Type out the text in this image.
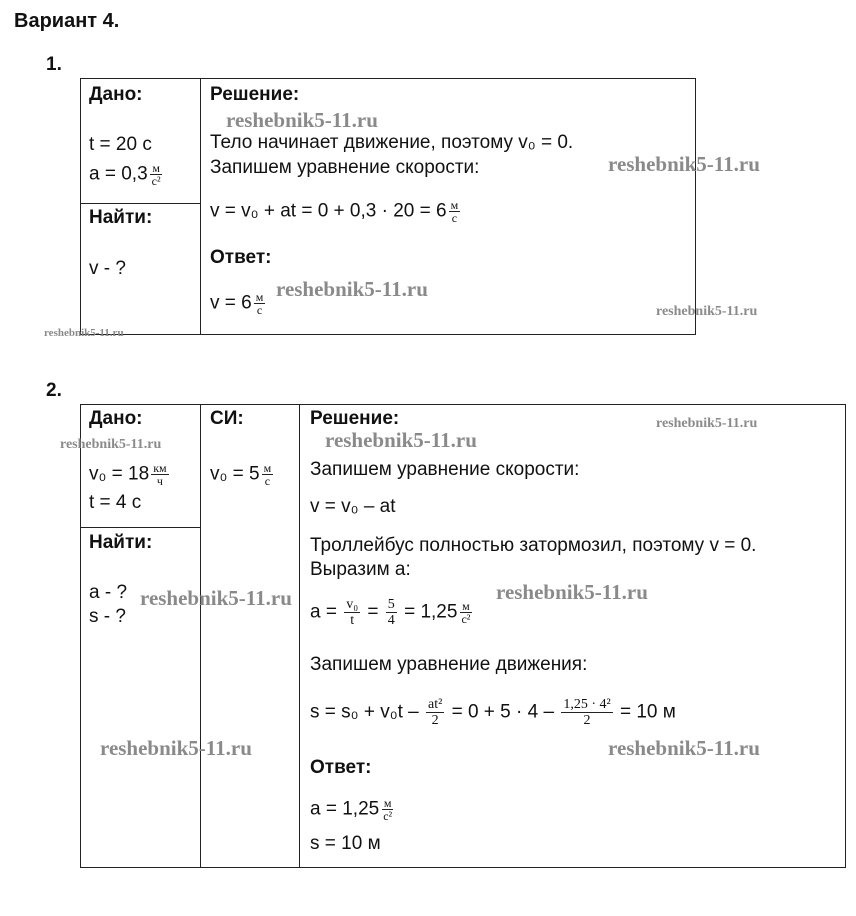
Вариант 4.
1.
Дано:
t = 20 с
$a = 0,3 \frac{м}{\text{с²}}$
Найти:
v - ?
Решение:
Тело начинает движение, поэтому v₀ = 0.
Запишем уравнение скорости:
v = v₀ + at = $0 + 0,3 \cdot 20 = 6 \frac{м}{с}$
Ответ:
$v = 6 \frac{м}{с}$
2.
Дано:
$v_0 = 18 \frac{км}{ч}$
t = 4 с
Найти:
a - ?
s - ?
СИ:
$v_0 = 5 \frac{м}{с}$
Решение:
Запишем уравнение скорости:
v = v₀ – at
Троллейбус полностью затормозил, поэтому v = 0.
Выразим a:
$a = \frac{\text{v₀}}{t} = \frac{5}{4} = 1,25 \frac{м}{\text{с²}}$
Запишем уравнение движения:
$s = s_0 + v_0t - \frac{\text{at²}}{2} = 0 + 5 \cdot 4 - \frac{\text{1,25 · 4²}}{2} = 10$ м
Ответ:
$a = 1,25 \frac{м}{\text{с²}}$
s = 10 м
reshebnik5-11.ru
reshebnik5-11.ru
reshebnik5-11.ru
reshebnik5-11.ru
reshebnik5-11.ru
reshebnik5-11.ru
reshebnik5-11.ru
reshebnik5-11.ru
reshebnik5-11.ru
reshebnik5-11.ru
reshebnik5-11.ru	reshebnik5-11.ru
